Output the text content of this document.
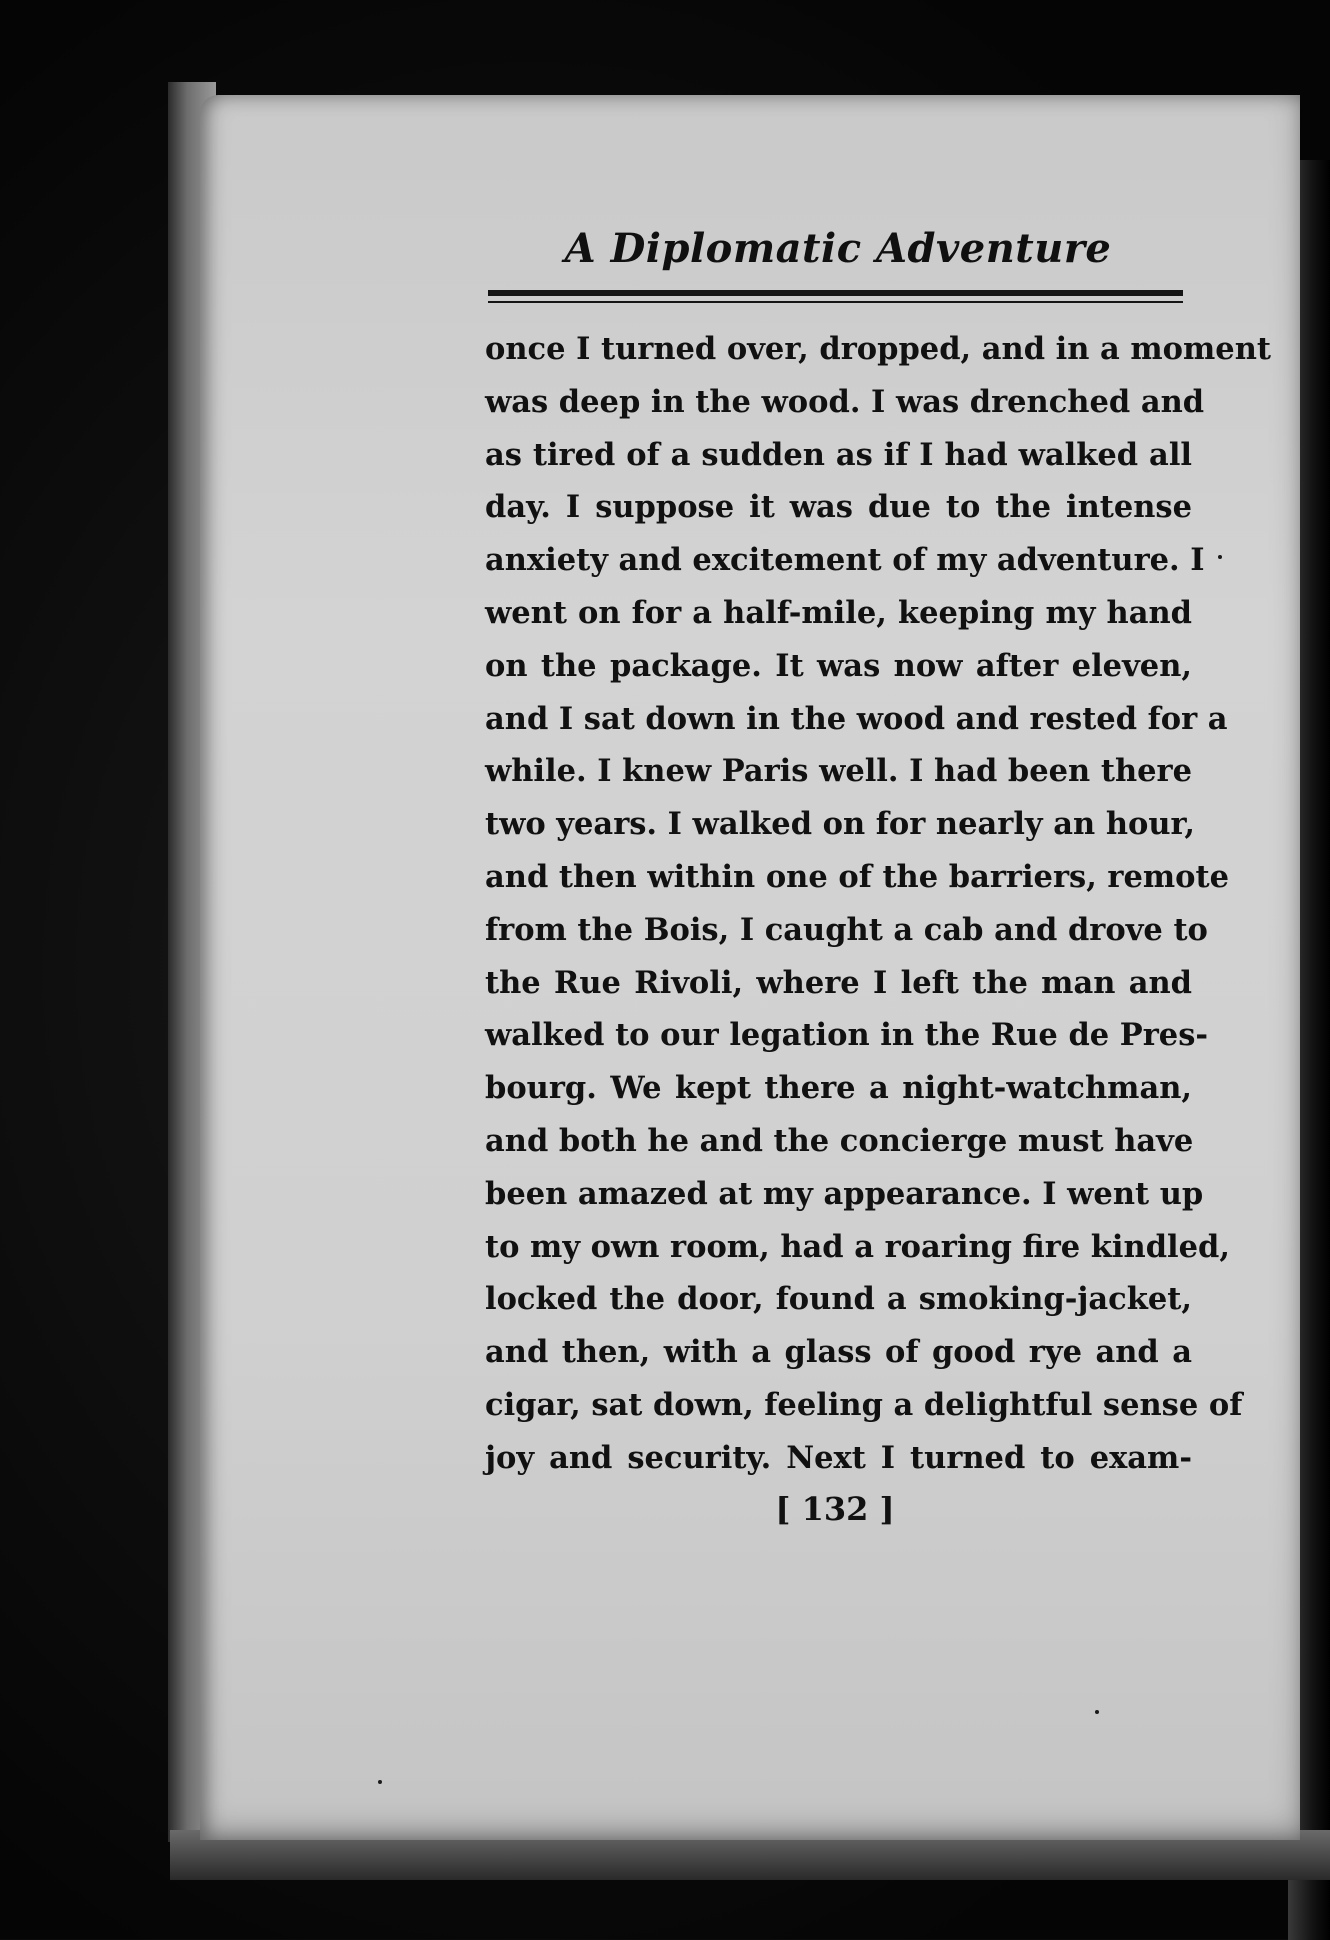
A Diplomatic Adventure
once I turned over, dropped, and in a moment
was deep in the wood. I was drenched and
as tired of a sudden as if I had walked all
day. I suppose it was due to the intense
anxiety and excitement of my adventure. I
went on for a half-mile, keeping my hand
on the package. It was now after eleven,
and I sat down in the wood and rested for a
while. I knew Paris well. I had been there
two years. I walked on for nearly an hour,
and then within one of the barriers, remote
from the Bois, I caught a cab and drove to
the Rue Rivoli, where I left the man and
walked to our legation in the Rue de Pres-
bourg. We kept there a night-watchman,
and both he and the concierge must have
been amazed at my appearance. I went up
to my own room, had a roaring fire kindled,
locked the door, found a smoking-jacket,
and then, with a glass of good rye and a
cigar, sat down, feeling a delightful sense of
joy and security. Next I turned to exam-
[ 132 ]
